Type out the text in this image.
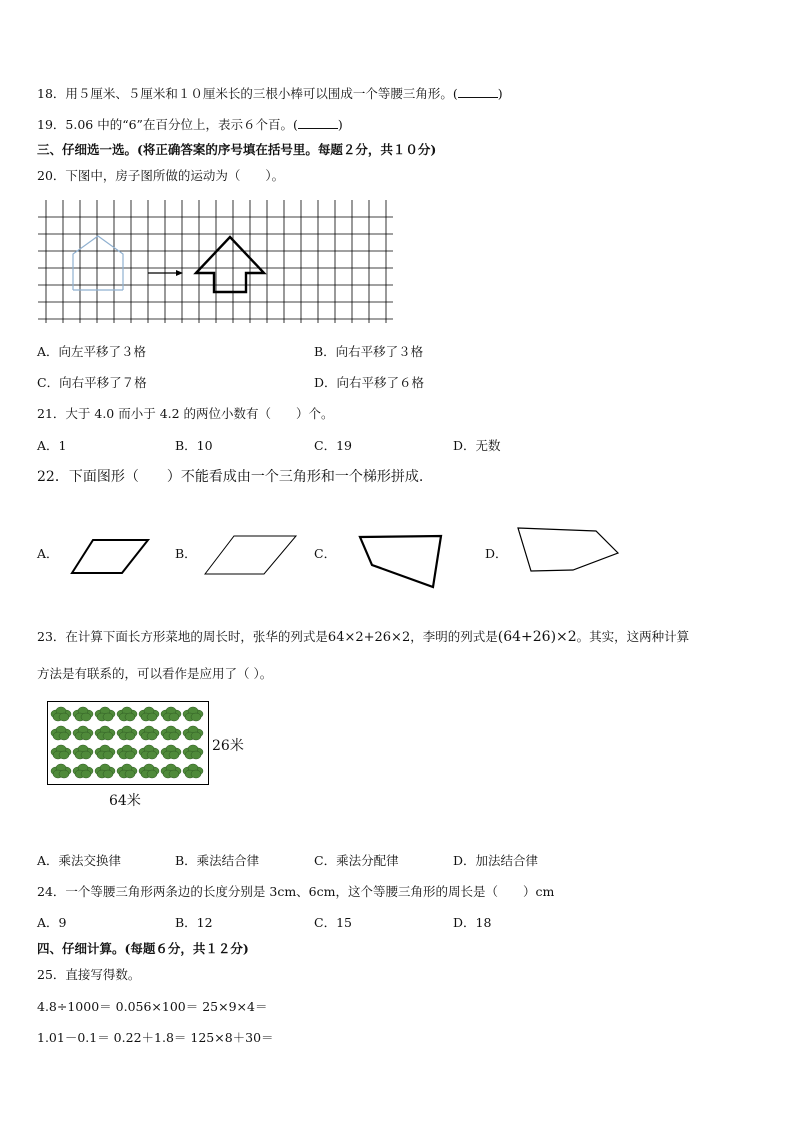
18．用５厘米、５厘米和１０厘米长的三根小棒可以围成一个等腰三角形。(	)
19．5.06 中的“6”在百分位上，表示６个百。(	)
三、仔细选一选。(将正确答案的序号填在括号里。每题２分，共１０分)
20．下图中，房子图所做的运动为（　　）。
A．向左平移了３格	B．向右平移了３格
C．向右平移了７格	D．向右平移了６格
21．大于 4.0 而小于 4.2 的两位小数有（　　）个。
A．1	B．10	C．19	D．无数
22．下面图形（　　）不能看成由一个三角形和一个梯形拼成.
A．	B．	C．	D．
23．在计算下面长方形菜地的周长时，张华的列式是64×2+26×2，李明的列式是(64+26)×2。其实，这两种计算
方法是有联系的，可以看作是应用了（ ）。
26米
64米
A．乘法交换律	B．乘法结合律	C．乘法分配律	D．加法结合律
24．一个等腰三角形两条边的长度分别是 3cm、6cm，这个等腰三角形的周长是（　　）cm
A．9	B．12	C．15	D．18
四、仔细计算。(每题６分，共１２分)
25．直接写得数。
4.8÷1000＝ 0.056×100＝ 25×9×4＝
1.01－0.1＝ 0.22＋1.8＝ 125×8＋30＝
